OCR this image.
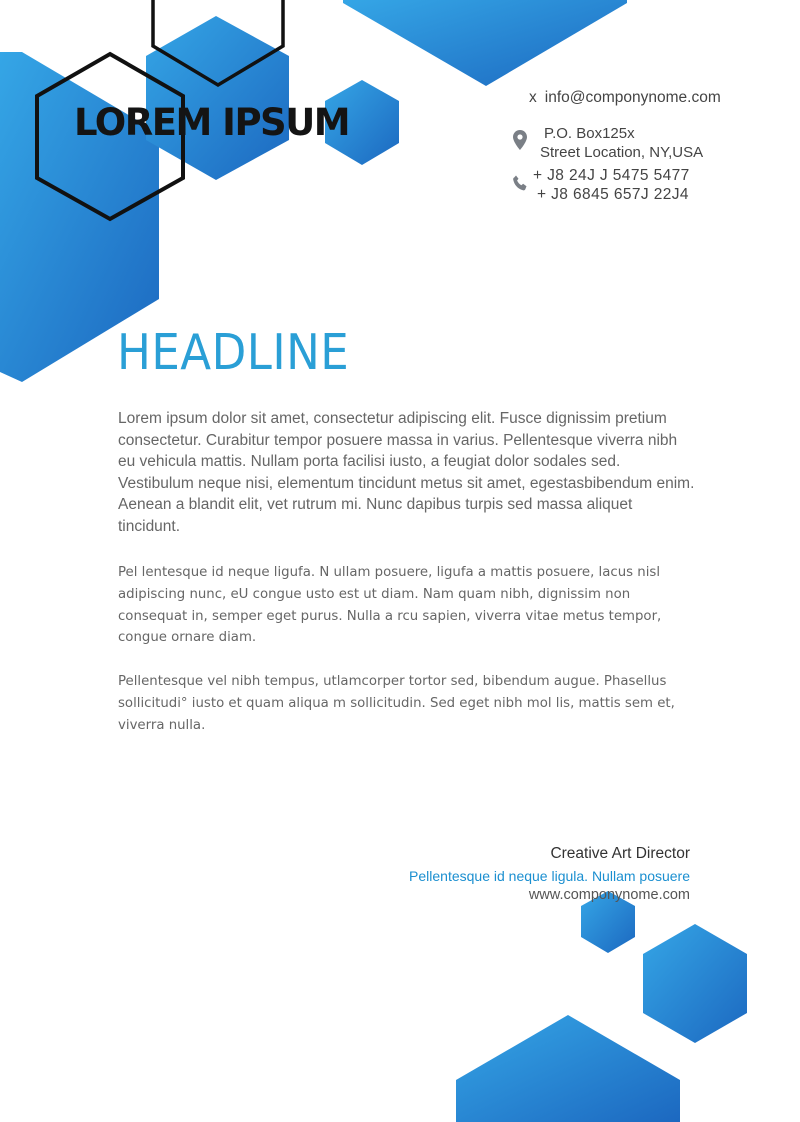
LOREM IPSUM
x info@componynome.com
P.O. Box125x
Street Location, NY,USA
+ J8 24J J 5475 5477
+ J8 6845 657J 22J4
HEADLINE

Lorem ipsum dolor sit amet, consectetur adipiscing elit. Fusce dignissim pretium consectetur. Curabitur tempor posuere massa in varius. Pellentesque viverra nibh eu vehicula mattis. Nullam porta facilisi iusto, a feugiat dolor sodales sed. Vestibulum neque nisi, elementum tincidunt metus sit amet, egestasbibendum enim. Aenean a blandit elit, vet rutrum mi. Nunc dapibus turpis sed massa aliquet tincidunt.

Pel lentesque id neque ligufa. N ullam posuere, ligufa a mattis posuere, lacus nisl adipiscing nunc, eU congue usto est ut diam. Nam quam nibh, dignissim non consequat in, semper eget purus. Nulla a rcu sapien, viverra vitae metus tempor, congue ornare diam.

Pellentesque vel nibh tempus, utlamcorper tortor sed, bibendum augue. Phasellus sollicitudi° iusto et quam aliqua m sollicitudin. Sed eget nibh mol lis, mattis sem et, viverra nulla.

Creative Art Director

Pellentesque id neque ligula. Nullam posuere

www.componynome.com
